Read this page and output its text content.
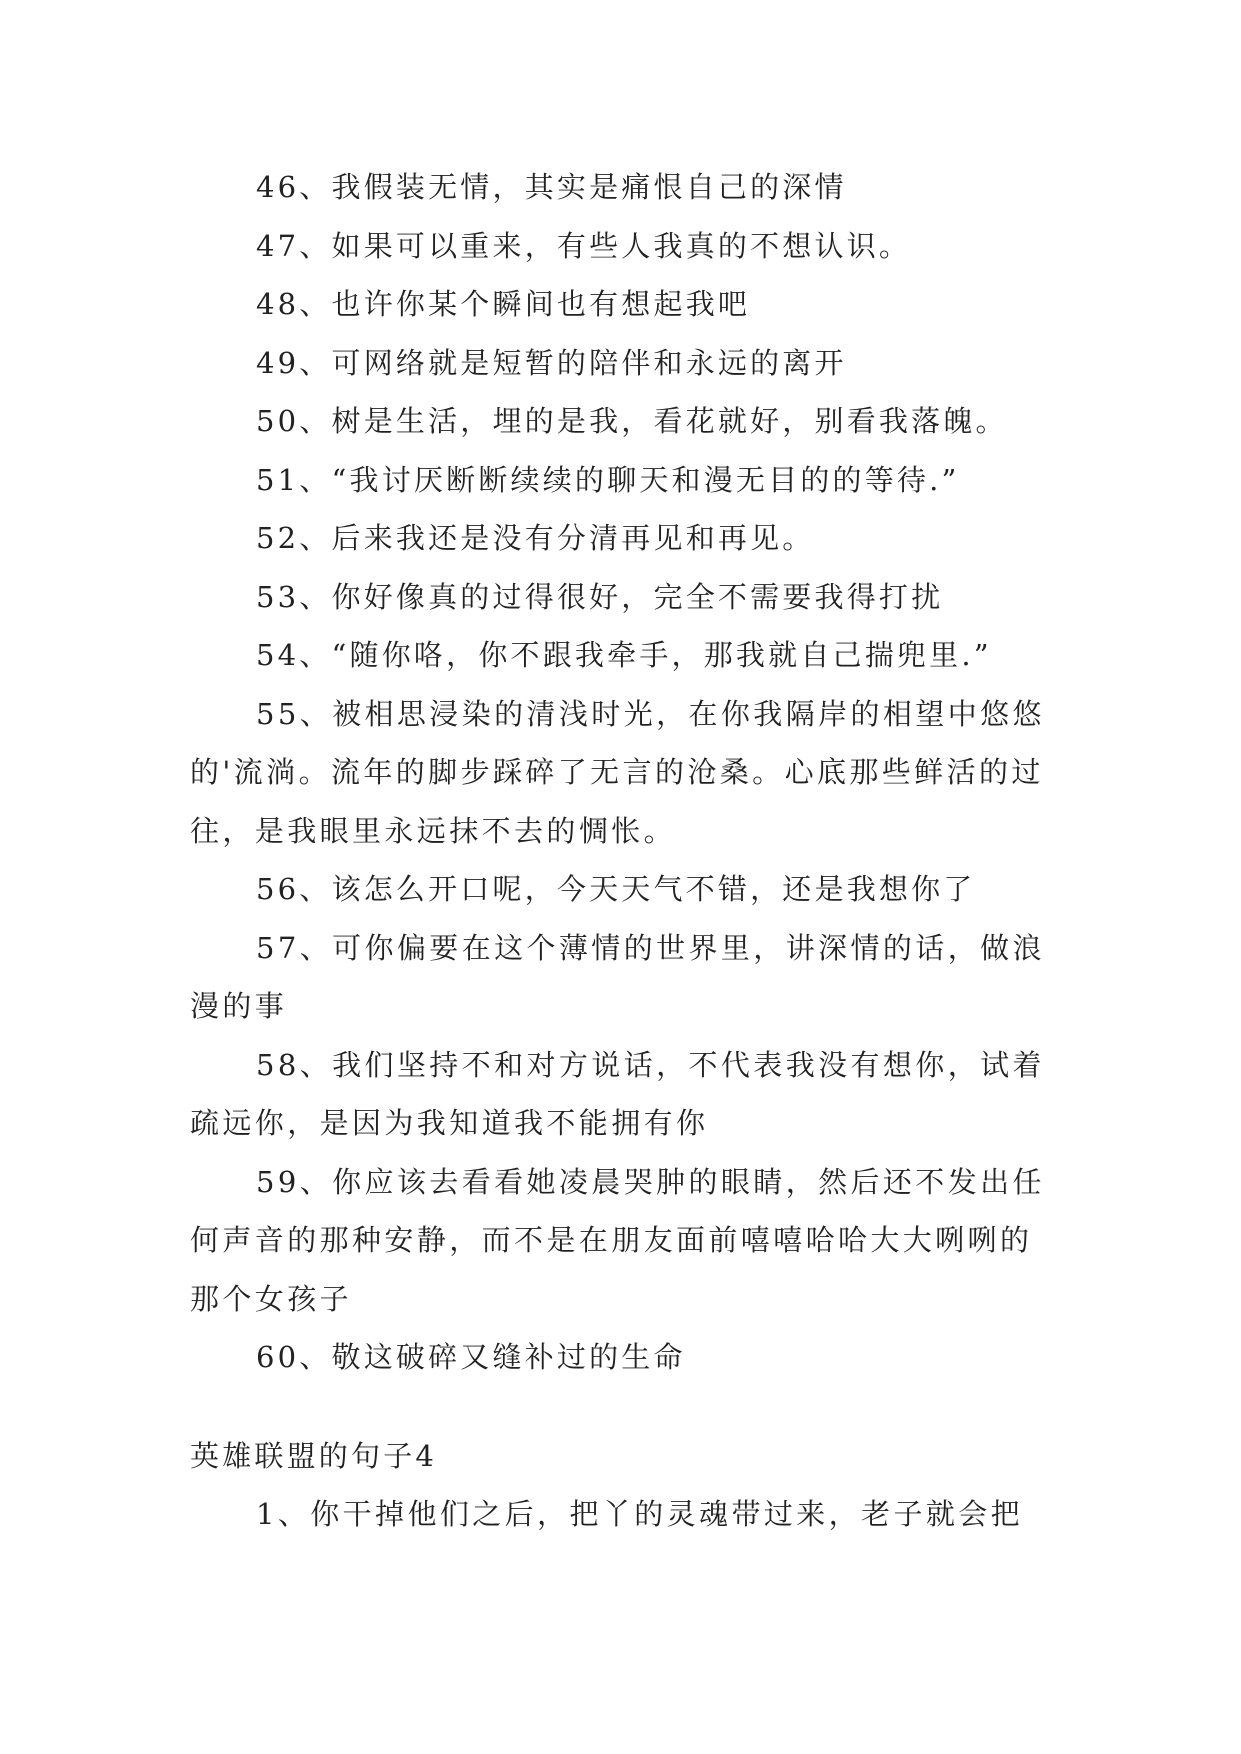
46、我假装无情，其实是痛恨自己的深情

47、如果可以重来，有些人我真的不想认识。

48、也许你某个瞬间也有想起我吧

49、可网络就是短暂的陪伴和永远的离开

50、树是生活，埋的是我，看花就好，别看我落魄。

51、“我讨厌断断续续的聊天和漫无目的的等待.”

52、后来我还是没有分清再见和再见。

53、你好像真的过得很好，完全不需要我得打扰

54、“随你咯，你不跟我牵手，那我就自己揣兜里.”

55、被相思浸染的清浅时光，在你我隔岸的相望中悠悠的'流淌。流年的脚步踩碎了无言的沧桑。心底那些鲜活的过往，是我眼里永远抹不去的惆怅。

56、该怎么开口呢，今天天气不错，还是我想你了

57、可你偏要在这个薄情的世界里，讲深情的话，做浪漫的事

58、我们坚持不和对方说话，不代表我没有想你，试着疏远你，是因为我知道我不能拥有你

59、你应该去看看她凌晨哭肿的眼睛，然后还不发出任何声音的那种安静，而不是在朋友面前嘻嘻哈哈大大咧咧的那个女孩子

60、敬这破碎又缝补过的生命

英雄联盟的句子4

1、你干掉他们之后，把丫的灵魂带过来，老子就会把
